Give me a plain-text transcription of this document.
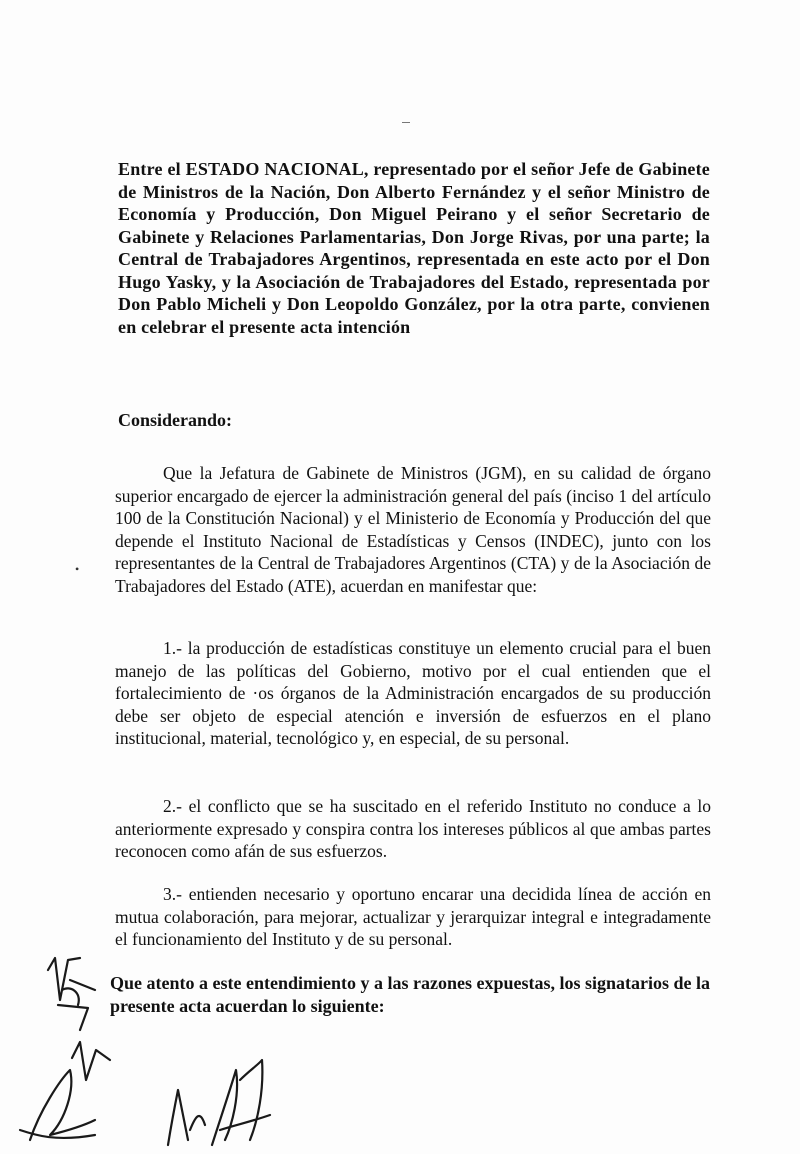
Entre el ESTADO NACIONAL, representado por el señor Jefe de Gabinete de Ministros de la Nación, Don Alberto Fernández y el señor Ministro de Economía y Producción, Don Miguel Peirano y el señor Secretario de Gabinete y Relaciones Parlamentarias, Don Jorge Rivas, por una parte; la Central de Trabajadores Argentinos, representada en este acto por el Don Hugo Yasky, y la Asociación de Trabajadores del Estado, representada por Don Pablo Micheli y Don Leopoldo González, por la otra parte, convienen en celebrar el presente acta intención
Considerando:
Que la Jefatura de Gabinete de Ministros (JGM), en su calidad de órgano superior encargado de ejercer la administración general del país (inciso 1 del artículo 100 de la Constitución Nacional) y el Ministerio de Economía y Producción del que depende el Instituto Nacional de Estadísticas y Censos (INDEC), junto con los representantes de la Central de Trabajadores Argentinos (CTA) y de la Asociación de Trabajadores del Estado (ATE), acuerdan en manifestar que:
1.- la producción de estadísticas constituye un elemento crucial para el buen manejo de las políticas del Gobierno, motivo por el cual entienden que el fortalecimiento de ·os órganos de la Administración encargados de su producción debe ser objeto de especial atención e inversión de esfuerzos en el plano institucional, material, tecnológico y, en especial, de su personal.
2.- el conflicto que se ha suscitado en el referido Instituto no conduce a lo anteriormente expresado y conspira contra los intereses públicos al que ambas partes reconocen como afán de sus esfuerzos.
3.- entienden necesario y oportuno encarar una decidida línea de acción en mutua colaboración, para mejorar, actualizar y jerarquizar integral e integradamente el funcionamiento del Instituto y de su personal.
Que atento a este entendimiento y a las razones expuestas, los signatarios de la presente acta acuerdan lo siguiente:
•
